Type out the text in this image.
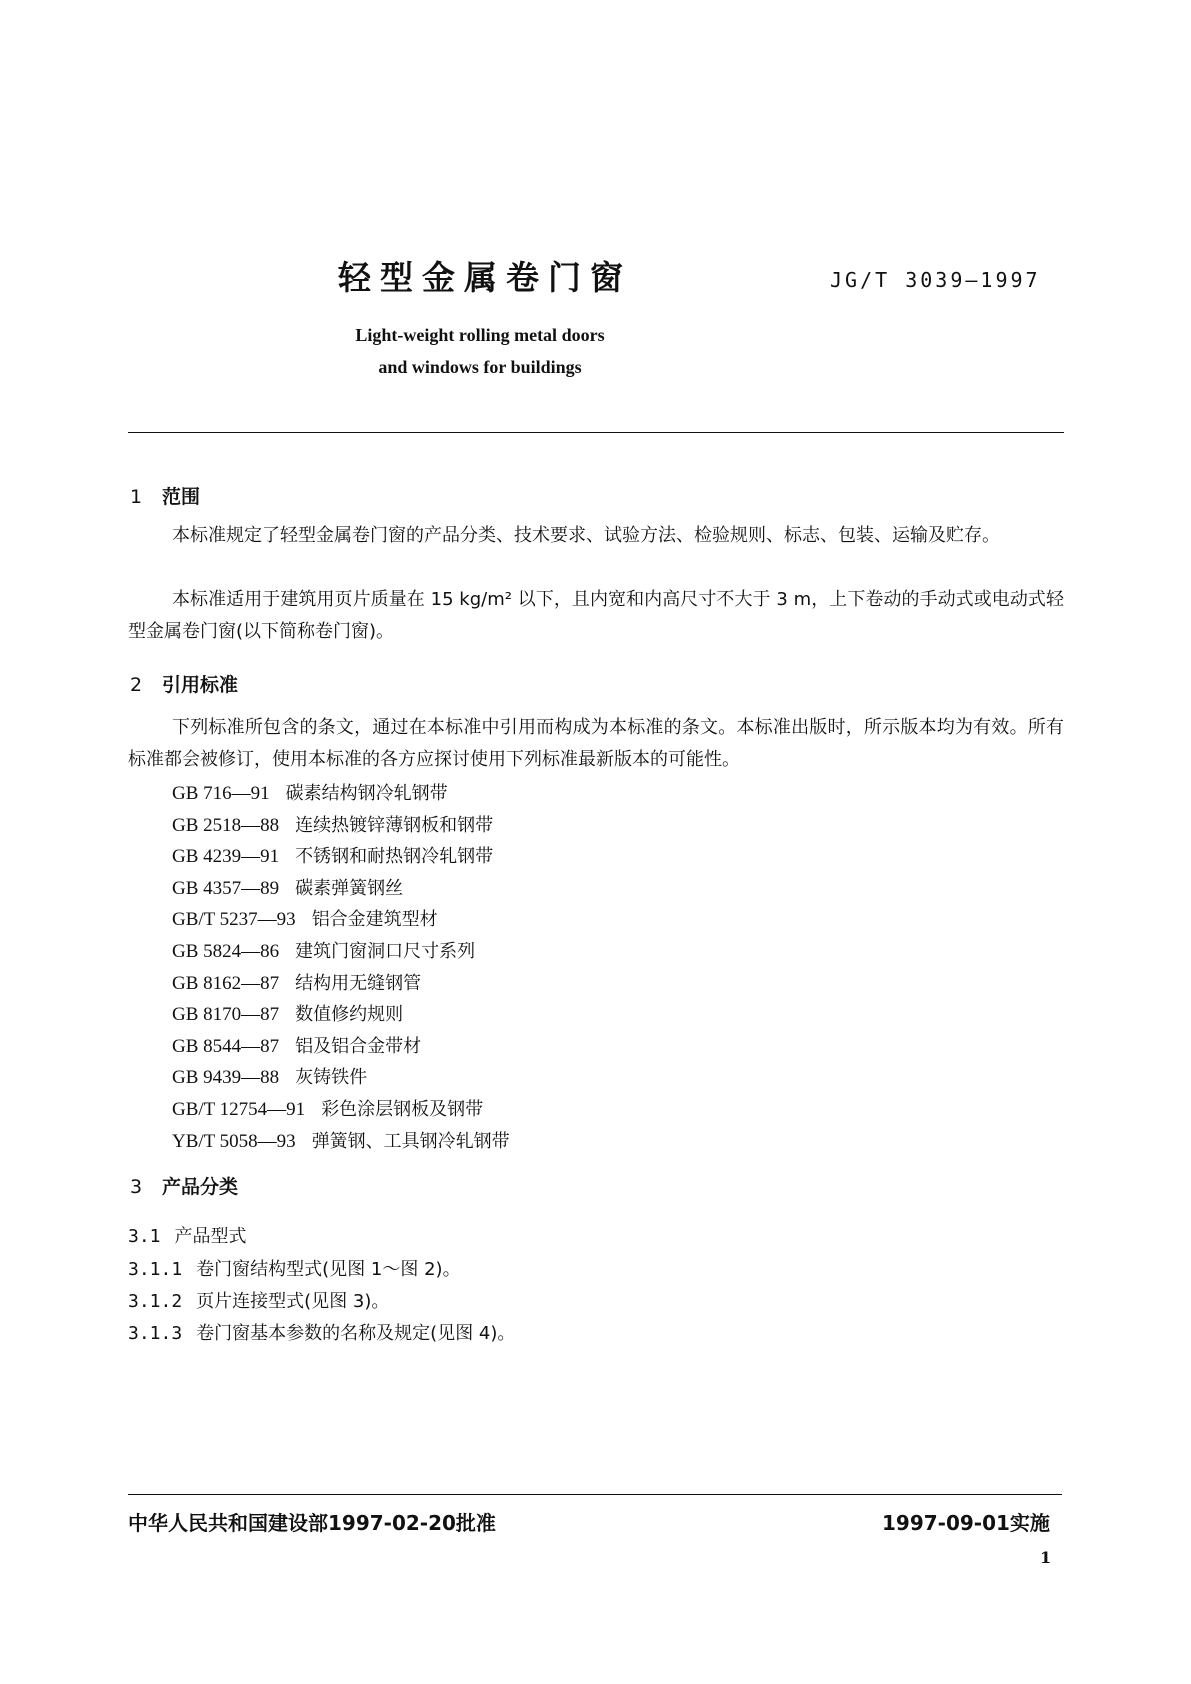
轻型金属卷门窗	JG/T 3039—1997
Light-weight rolling metal doors
and windows for buildings
1 范围
本标准规定了轻型金属卷门窗的产品分类、技术要求、试验方法、检验规则、标志、包装、运输及贮存。
本标准适用于建筑用页片质量在 15 kg/m² 以下，且内宽和内高尺寸不大于 3 m，上下卷动的手动式或电动式轻型金属卷门窗(以下简称卷门窗)。
2 引用标准
下列标准所包含的条文，通过在本标准中引用而构成为本标准的条文。本标准出版时，所示版本均为有效。所有标准都会被修订，使用本标准的各方应探讨使用下列标准最新版本的可能性。
GB 716—91 碳素结构钢冷轧钢带
GB 2518—88 连续热镀锌薄钢板和钢带
GB 4239—91 不锈钢和耐热钢冷轧钢带
GB 4357—89 碳素弹簧钢丝
GB/T 5237—93 铝合金建筑型材
GB 5824—86 建筑门窗洞口尺寸系列
GB 8162—87 结构用无缝钢管
GB 8170—87 数值修约规则
GB 8544—87 铝及铝合金带材
GB 9439—88 灰铸铁件
GB/T 12754—91 彩色涂层钢板及钢带
YB/T 5058—93 弹簧钢、工具钢冷轧钢带
3 产品分类
3.1 产品型式
3.1.1 卷门窗结构型式(见图 1～图 2)。
3.1.2 页片连接型式(见图 3)。
3.1.3 卷门窗基本参数的名称及规定(见图 4)。
中华人民共和国建设部1997-02-20批准	1997-09-01实施
1
